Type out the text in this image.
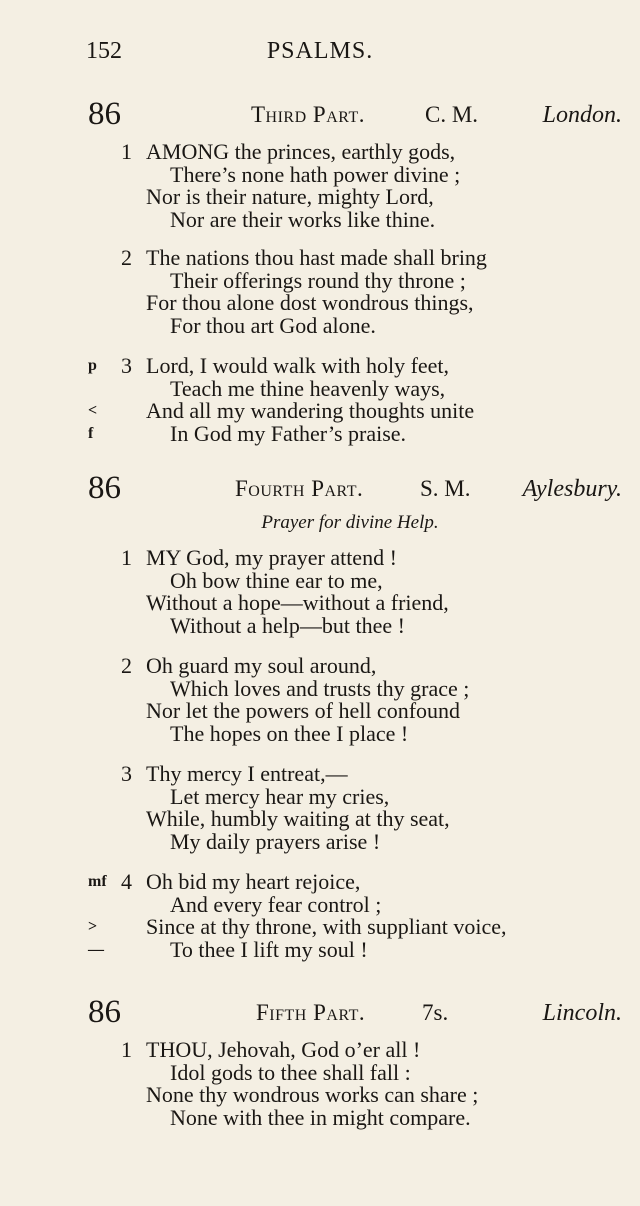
152	PSALMS.
86	Third Part.	C. M.	London.
1 AMONG the princes, earthly gods,
There’s none hath power divine ;
Nor is their nature, mighty Lord,
Nor are their works like thine.
2 The nations thou hast made shall bring
Their offerings round thy throne ;
For thou alone dost wondrous things,
For thou art God alone.
3
p Lord, I would walk with holy feet,
Teach me thine heavenly ways,
< And all my wandering thoughts unite
f	In God my Father’s praise.
86	Fourth Part. S. M. Aylesbury.
Prayer for divine Help.
1 MY God, my prayer attend !
Oh bow thine ear to me,
Without a hope—without a friend,
Without a help—but thee !
2 Oh guard my soul around,
Which loves and trusts thy grace ;
Nor let the powers of hell confound
The hopes on thee I place !
3 Thy mercy I entreat,—
Let mercy hear my cries,
While, humbly waiting at thy seat,
My daily prayers arise !
4
mf Oh bid my heart rejoice,
And every fear control ;
> Since at thy throne, with suppliant voice,
—	To thee I lift my soul !
86	Fifth Part. 7s.	Lincoln.
1 THOU, Jehovah, God o’er all !
Idol gods to thee shall fall :
None thy wondrous works can share ;
None with thee in might compare.
